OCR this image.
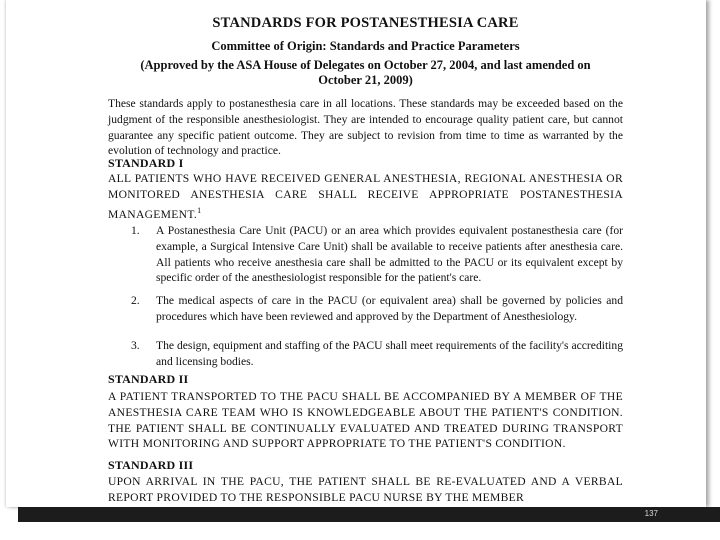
STANDARDS FOR POSTANESTHESIA CARE
Committee of Origin: Standards and Practice Parameters
(Approved by the ASA House of Delegates on October 27, 2004, and last amended on
October 21, 2009)
These standards apply to postanesthesia care in all locations. These standards may be exceeded based on the judgment of the responsible anesthesiologist. They are intended to encourage quality patient care, but cannot guarantee any specific patient outcome. They are subject to revision from time to time as warranted by the evolution of technology and practice.
STANDARD I
ALL PATIENTS WHO HAVE RECEIVED GENERAL ANESTHESIA, REGIONAL ANESTHESIA OR MONITORED ANESTHESIA CARE SHALL RECEIVE APPROPRIATE POSTANESTHESIA MANAGEMENT.$^1$
1. A Postanesthesia Care Unit (PACU) or an area which provides equivalent postanesthesia care (for example, a Surgical Intensive Care Unit) shall be available to receive patients after anesthesia care. All patients who receive anesthesia care shall be admitted to the PACU or its equivalent except by specific order of the anesthesiologist responsible for the patient's care.
2. The medical aspects of care in the PACU (or equivalent area) shall be governed by policies and procedures which have been reviewed and approved by the Department of Anesthesiology.
3. The design, equipment and staffing of the PACU shall meet requirements of the facility's accrediting and licensing bodies.
STANDARD II
A PATIENT TRANSPORTED TO THE PACU SHALL BE ACCOMPANIED BY A MEMBER OF THE ANESTHESIA CARE TEAM WHO IS KNOWLEDGEABLE ABOUT THE PATIENT'S CONDITION. THE PATIENT SHALL BE CONTINUALLY EVALUATED AND TREATED DURING TRANSPORT WITH MONITORING AND SUPPORT APPROPRIATE TO THE PATIENT'S CONDITION.
STANDARD III
UPON ARRIVAL IN THE PACU, THE PATIENT SHALL BE RE-EVALUATED AND A VERBAL REPORT PROVIDED TO THE RESPONSIBLE PACU NURSE BY THE MEMBER
137
